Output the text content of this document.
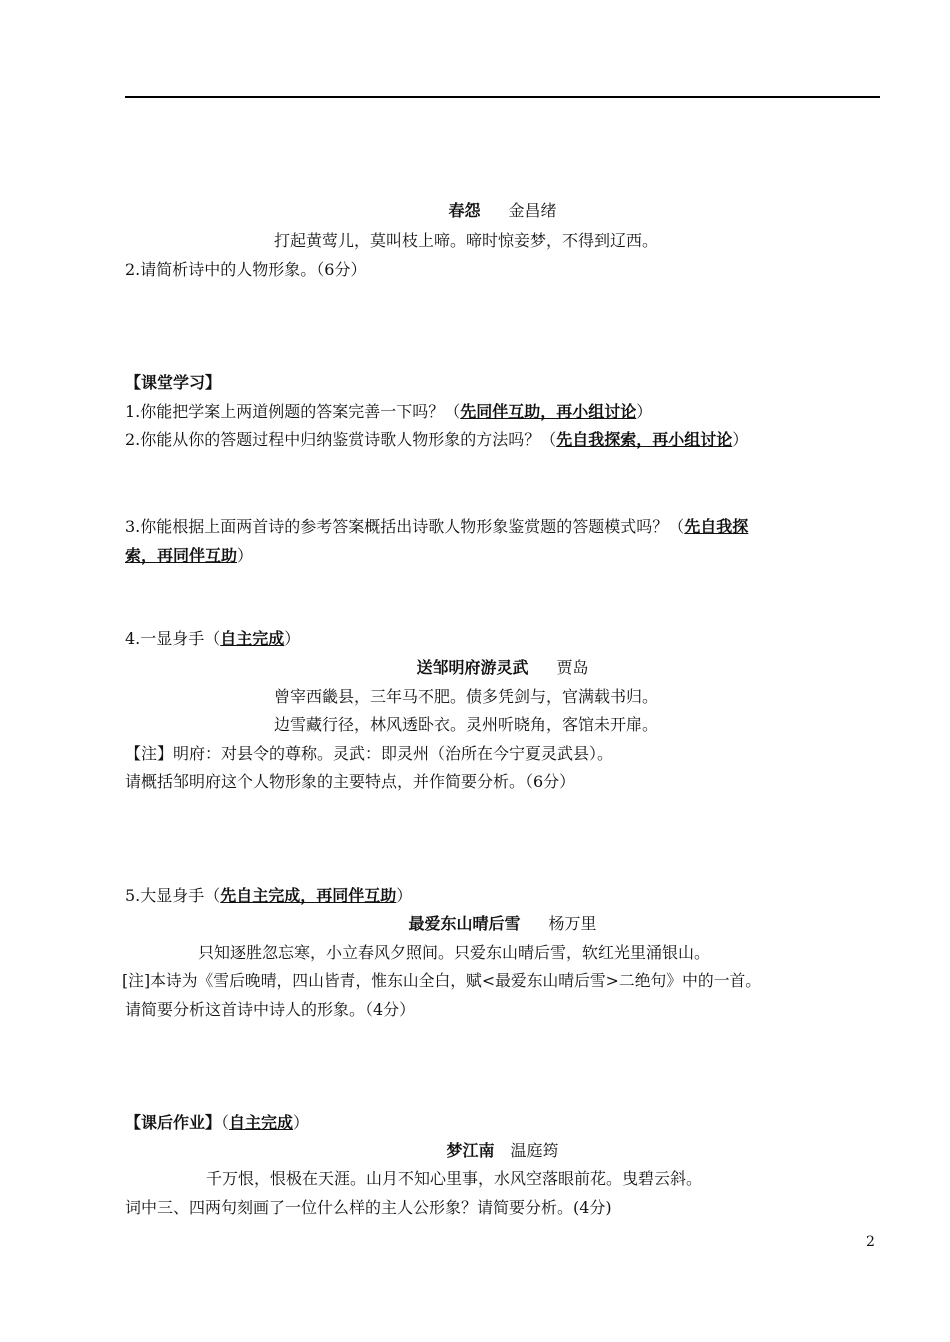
春怨 金昌绪
打起黄莺儿，莫叫枝上啼。啼时惊妾梦，不得到辽西。
2.请简析诗中的人物形象。（6分）
【课堂学习】
1.你能把学案上两道例题的答案完善一下吗？（先同伴互助，再小组讨论）
2.你能从你的答题过程中归纳鉴赏诗歌人物形象的方法吗？（先自我探索，再小组讨论）
3.你能根据上面两首诗的参考答案概括出诗歌人物形象鉴赏题的答题模式吗？（先自我探
索，再同伴互助）
4.一显身手（自主完成）
送邹明府游灵武 贾岛
曾宰西畿县，三年马不肥。债多凭剑与，官满载书归。
边雪藏行径，林风透卧衣。灵州听晓角，客馆未开扉。
【注】明府：对县令的尊称。灵武：即灵州（治所在今宁夏灵武县）。
请概括邹明府这个人物形象的主要特点，并作简要分析。（6分）
5.大显身手（先自主完成，再同伴互助）
最爱东山晴后雪 杨万里
只知逐胜忽忘寒，小立春风夕照间。只爱东山晴后雪，软红光里涌银山。
[注]本诗为《雪后晚晴，四山皆青，惟东山全白，赋<最爱东山晴后雪>二绝句》中的一首。
请简要分析这首诗中诗人的形象。（4分）
【课后作业】（自主完成）
梦江南 温庭筠
千万恨，恨极在天涯。山月不知心里事，水风空落眼前花。曳碧云斜。
词中三、四两句刻画了一位什么样的主人公形象？请简要分析。(4分)
2
